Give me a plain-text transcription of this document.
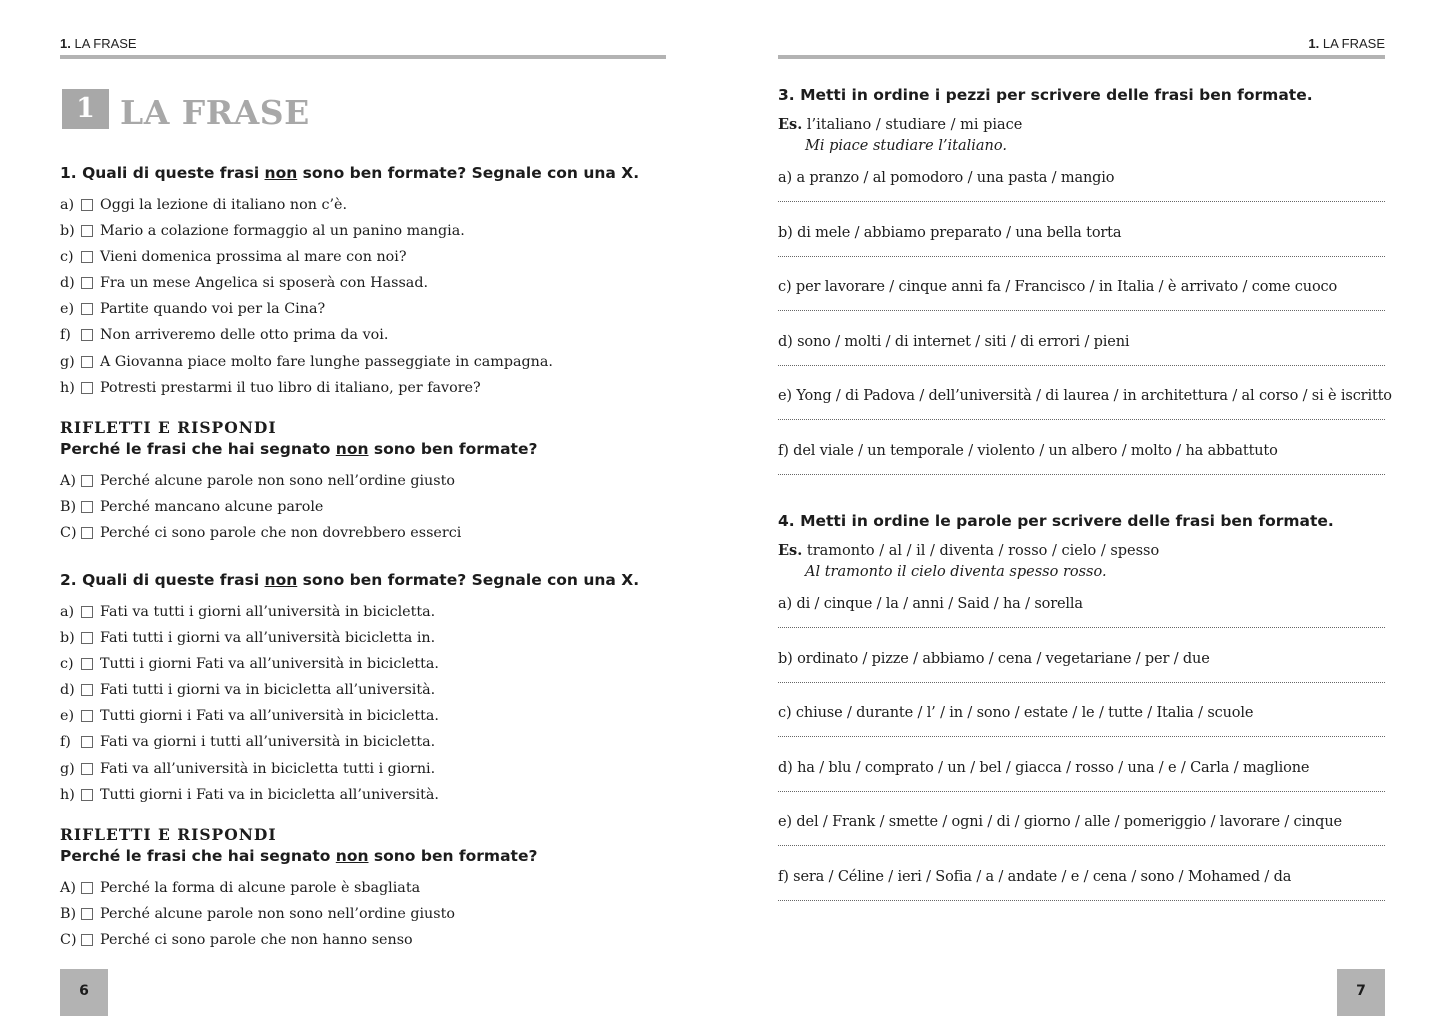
1. LA FRASE
1 LA FRASE
1. Quali di queste frasi non sono ben formate? Segnale con una X.
a)	Oggi la lezione di italiano non c’è.
b)	Mario a colazione formaggio al un panino mangia.
c)	Vieni domenica prossima al mare con noi?
d)	Fra un mese Angelica si sposerà con Hassad.
e)	Partite quando voi per la Cina?
f)	Non arriveremo delle otto prima da voi.
g)	A Giovanna piace molto fare lunghe passeggiate in campagna.
h)	Potresti prestarmi il tuo libro di italiano, per favore?
RIFLETTI E RISPONDI
Perché le frasi che hai segnato non sono ben formate?
A)	Perché alcune parole non sono nell’ordine giusto
B)	Perché mancano alcune parole
C)	Perché ci sono parole che non dovrebbero esserci
2. Quali di queste frasi non sono ben formate? Segnale con una X.
a)	Fati va tutti i giorni all’università in bicicletta.
b)	Fati tutti i giorni va all’università bicicletta in.
c)	Tutti i giorni Fati va all’università in bicicletta.
d)	Fati tutti i giorni va in bicicletta all’università.
e)	Tutti giorni i Fati va all’università in bicicletta.
f)	Fati va giorni i tutti all’università in bicicletta.
g)	Fati va all’università in bicicletta tutti i giorni.
h)	Tutti giorni i Fati va in bicicletta all’università.
RIFLETTI E RISPONDI
Perché le frasi che hai segnato non sono ben formate?
A)	Perché la forma di alcune parole è sbagliata
B)	Perché alcune parole non sono nell’ordine giusto
C)	Perché ci sono parole che non hanno senso
6
1. LA FRASE
3. Metti in ordine i pezzi per scrivere delle frasi ben formate.
Es. l’italiano / studiare / mi piace
Mi piace studiare l’italiano.
a) a pranzo / al pomodoro / una pasta / mangio
b) di mele / abbiamo preparato / una bella torta
c) per lavorare / cinque anni fa / Francisco / in Italia / è arrivato / come cuoco
d) sono / molti / di internet / siti / di errori / pieni
e) Yong / di Padova / dell’università / di laurea / in architettura / al corso / si è iscritto
f) del viale / un temporale / violento / un albero / molto / ha abbattuto
4. Metti in ordine le parole per scrivere delle frasi ben formate.
Es. tramonto / al / il / diventa / rosso / cielo / spesso
Al tramonto il cielo diventa spesso rosso.
a) di / cinque / la / anni / Said / ha / sorella
b) ordinato / pizze / abbiamo / cena / vegetariane / per / due
c) chiuse / durante / l’ / in / sono / estate / le / tutte / Italia / scuole
d) ha / blu / comprato / un / bel / giacca / rosso / una / e / Carla / maglione
e) del / Frank / smette / ogni / di / giorno / alle / pomeriggio / lavorare / cinque
f) sera / Céline / ieri / Sofia / a / andate / e / cena / sono / Mohamed / da
7
